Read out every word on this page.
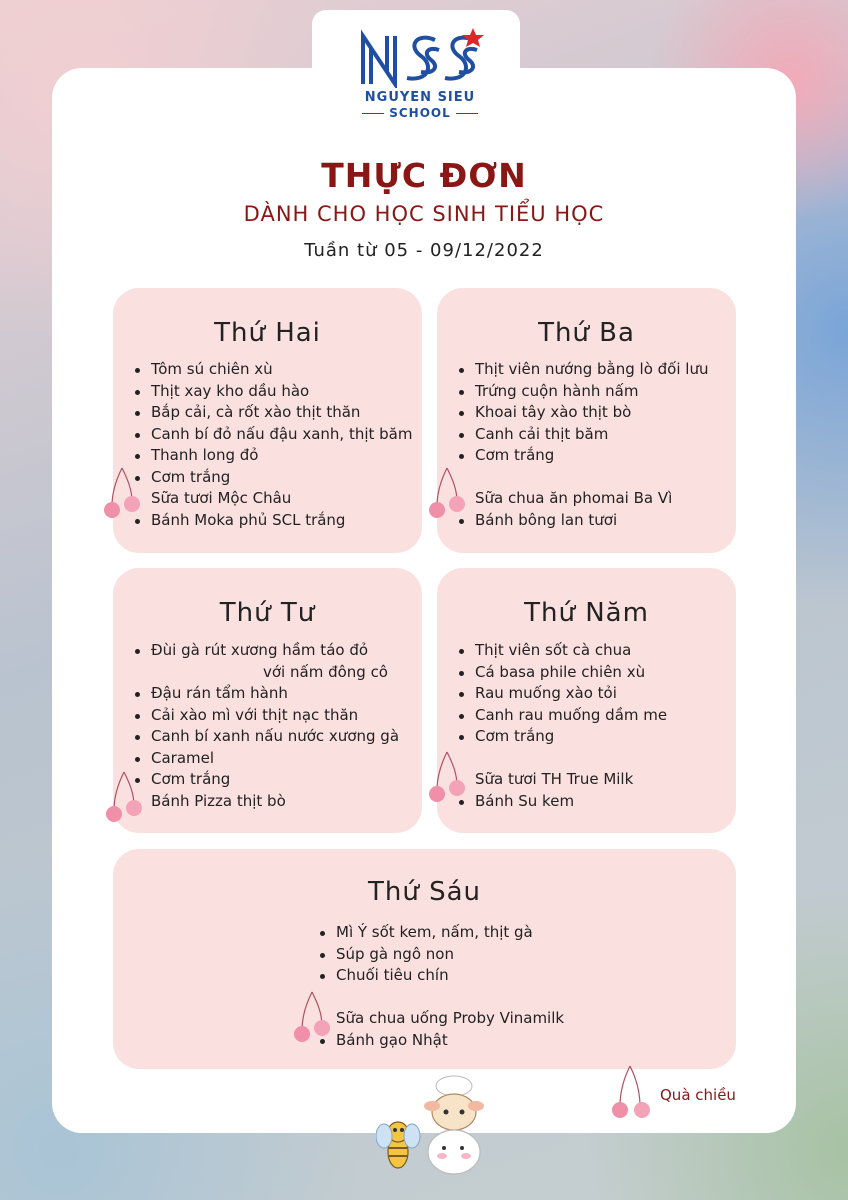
NGUYEN SIEU
SCHOOL
THỰC ĐƠN
DÀNH CHO HỌC SINH TIỂU HỌC
Tuần từ 05 - 09/12/2022
Thứ Hai
Tôm sú chiên xù
Thịt xay kho dầu hào
Bắp cải, cà rốt xào thịt thăn
Canh bí đỏ nấu đậu xanh, thịt băm
Thanh long đỏ
Cơm trắng
Sữa tươi Mộc Châu
Bánh Moka phủ SCL trắng
Thứ Ba
Thịt viên nướng bằng lò đối lưu
Trứng cuộn hành nấm
Khoai tây xào thịt bò
Canh cải thịt băm
Cơm trắng
Sữa chua ăn phomai Ba Vì
Bánh bông lan tươi
Thứ Tư
Đùi gà rút xương hầm táo đỏ
với nấm đông cô
Đậu rán tẩm hành
Cải xào mì với thịt nạc thăn
Canh bí xanh nấu nước xương gà
Caramel
Cơm trắng
Bánh Pizza thịt bò
Thứ Năm
Thịt viên sốt cà chua
Cá basa phile chiên xù
Rau muống xào tỏi
Canh rau muống dầm me
Cơm trắng
Sữa tươi TH True Milk
Bánh Su kem
Thứ Sáu
Mì Ý sốt kem, nấm, thịt gà
Súp gà ngô non
Chuối tiêu chín
Sữa chua uống Proby Vinamilk
Bánh gạo Nhật
Quà chiều
